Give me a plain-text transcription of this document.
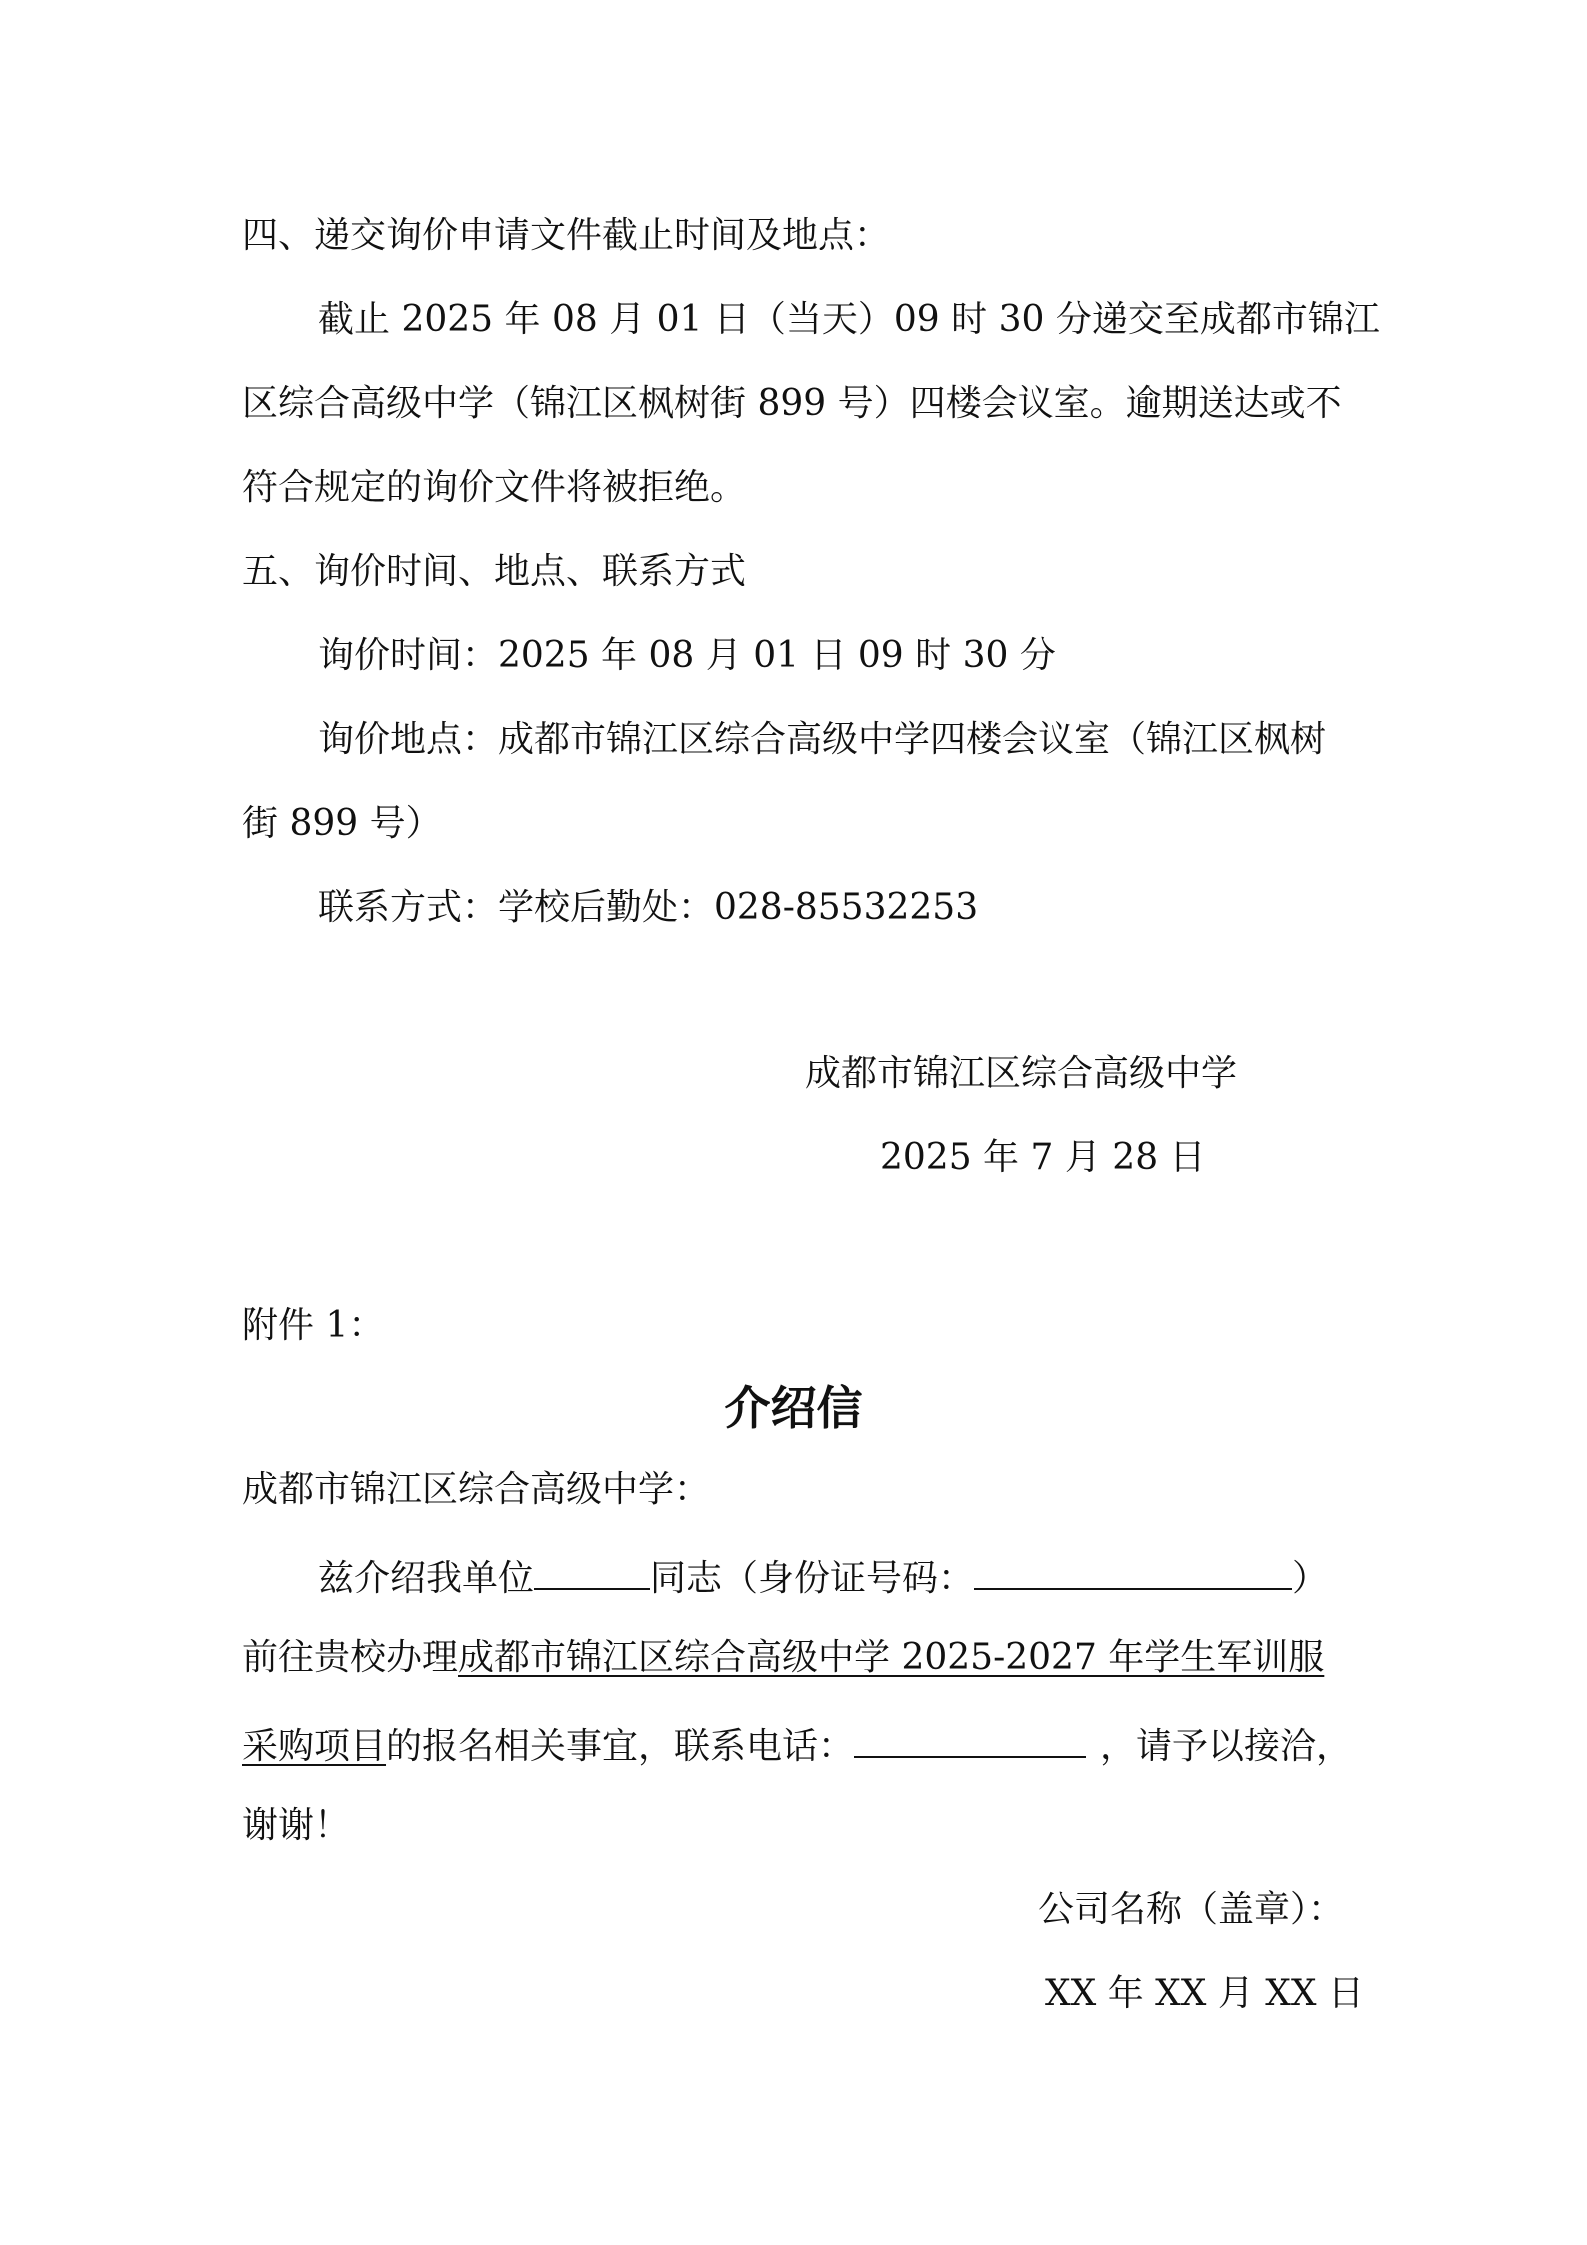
四、递交询价申请文件截止时间及地点：
截止 2025 年 08 月 01 日（当天）09 时 30 分递交至成都市锦江
区综合高级中学（锦江区枫树街 899 号）四楼会议室。逾期送达或不
符合规定的询价文件将被拒绝。
五、询价时间、地点、联系方式
询价时间：2025 年 08 月 01 日 09 时 30 分
询价地点：成都市锦江区综合高级中学四楼会议室（锦江区枫树
街 899 号）
联系方式：学校后勤处：028-85532253
成都市锦江区综合高级中学
2025 年 7 月 28 日
附件 1：
介绍信
成都市锦江区综合高级中学：
兹介绍我单位	同志（身份证号码：	）
前往贵校办理成都市锦江区综合高级中学 2025-2027 年学生军训服
采购项目的报名相关事宜，联系电话：	，请予以接洽，
谢谢！
公司名称（盖章）：
XX 年 XX 月 XX 日
